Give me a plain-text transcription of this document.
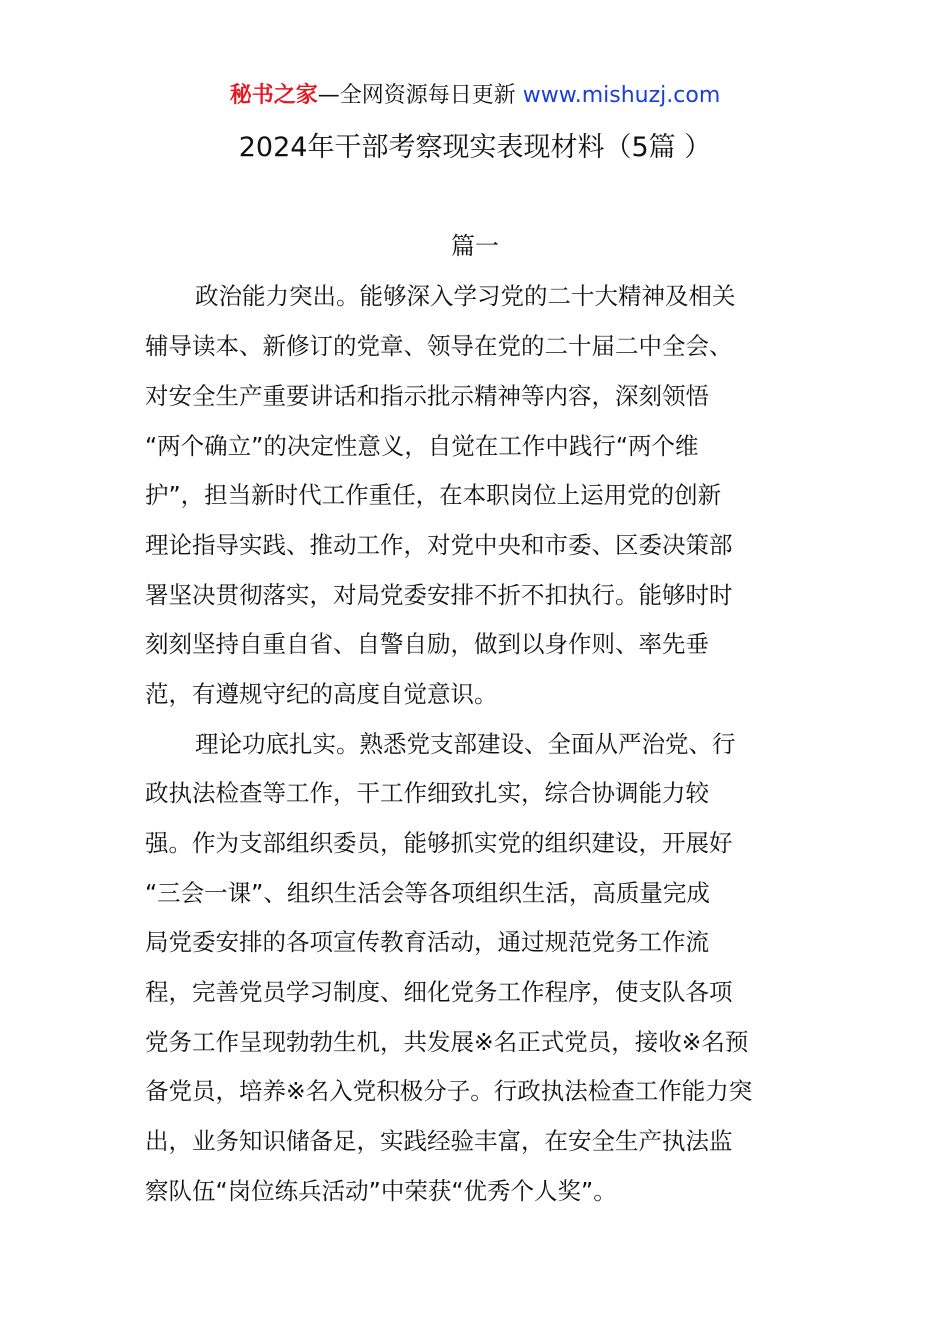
秘书之家—全网资源每日更新 www.mishuzj.com
2024年干部考察现实表现材料（5篇 ）
篇一
政治能力突出。能够深入学习党的二十大精神及相关
辅导读本、新修订的党章、领导在党的二十届二中全会、
对安全生产重要讲话和指示批示精神等内容，深刻领悟
“两个确立”的决定性意义，自觉在工作中践行“两个维
护”，担当新时代工作重任，在本职岗位上运用党的创新
理论指导实践、推动工作，对党中央和市委、区委决策部
署坚决贯彻落实，对局党委安排不折不扣执行。能够时时
刻刻坚持自重自省、自警自励，做到以身作则、率先垂
范，有遵规守纪的高度自觉意识。
理论功底扎实。熟悉党支部建设、全面从严治党、行
政执法检查等工作，干工作细致扎实，综合协调能力较
强。作为支部组织委员，能够抓实党的组织建设，开展好
“三会一课”、组织生活会等各项组织生活，高质量完成
局党委安排的各项宣传教育活动，通过规范党务工作流
程，完善党员学习制度、细化党务工作程序，使支队各项
党务工作呈现勃勃生机，共发展※名正式党员，接收※名预
备党员，培养※名入党积极分子。行政执法检查工作能力突
出，业务知识储备足，实践经验丰富，在安全生产执法监
察队伍“岗位练兵活动”中荣获“优秀个人奖”。
